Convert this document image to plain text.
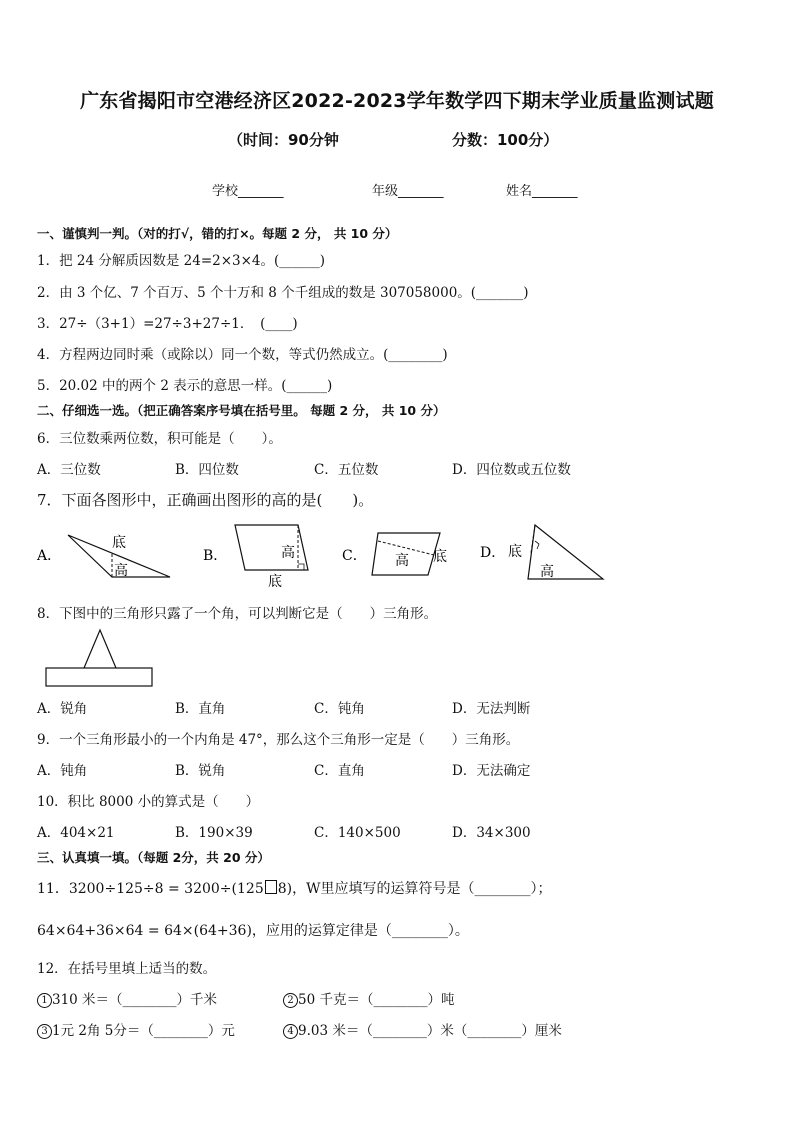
广东省揭阳市空港经济区2022-2023学年数学四下期末学业质量监测试题
（时间：90分钟	分数：100分）
学校_______	年级_______	姓名_______
一、谨慎判一判。（对的打√，错的打×。每题 2 分， 共 10 分）
1．把 24 分解质因数是 24=2×3×4。(______)
2．由 3 个亿、7 个百万、5 个十万和 8 个千组成的数是 307058000。(_______)
3．27÷（3+1）=27÷3+27÷1．　(____)
4．方程两边同时乘（或除以）同一个数，等式仍然成立。(________)
5．20.02 中的两个 2 表示的意思一样。(______)
二、仔细选一选。（把正确答案序号填在括号里。 每题 2 分， 共 10 分）
6．三位数乘两位数，积可能是（　　）。
A．三位数	B．四位数	C．五位数	D．四位数或五位数
7．下面各图形中，正确画出图形的高的是(　　)。
A．
底
高
B．	高
底
C． 高 底 D． 底
高
8．下图中的三角形只露了一个角，可以判断它是（　　）三角形。
A．锐角	B．直角	C．钝角	D．无法判断
9．一个三角形最小的一个内角是 47°，那么这个三角形一定是（　　）三角形。
A．钝角	B．锐角	C．直角	D．无法确定
10．积比 8000 小的算式是（　　）
A．404×21	B．190×39	C．140×500	D．34×300
三、认真填一填。（每题 2分，共 20 分）
11．3200÷125÷8 = 3200÷(125 8)，W里应填写的运算符号是（________）；
64×64+36×64 = 64×(64+36)，应用的运算定律是（________）。
12．在括号里填上适当的数。
1 310 米＝（________）千米	2 50 千克＝（________）吨
3 1元 2角 5分＝（________）元	4 9.03 米＝（________）米（________）厘米
